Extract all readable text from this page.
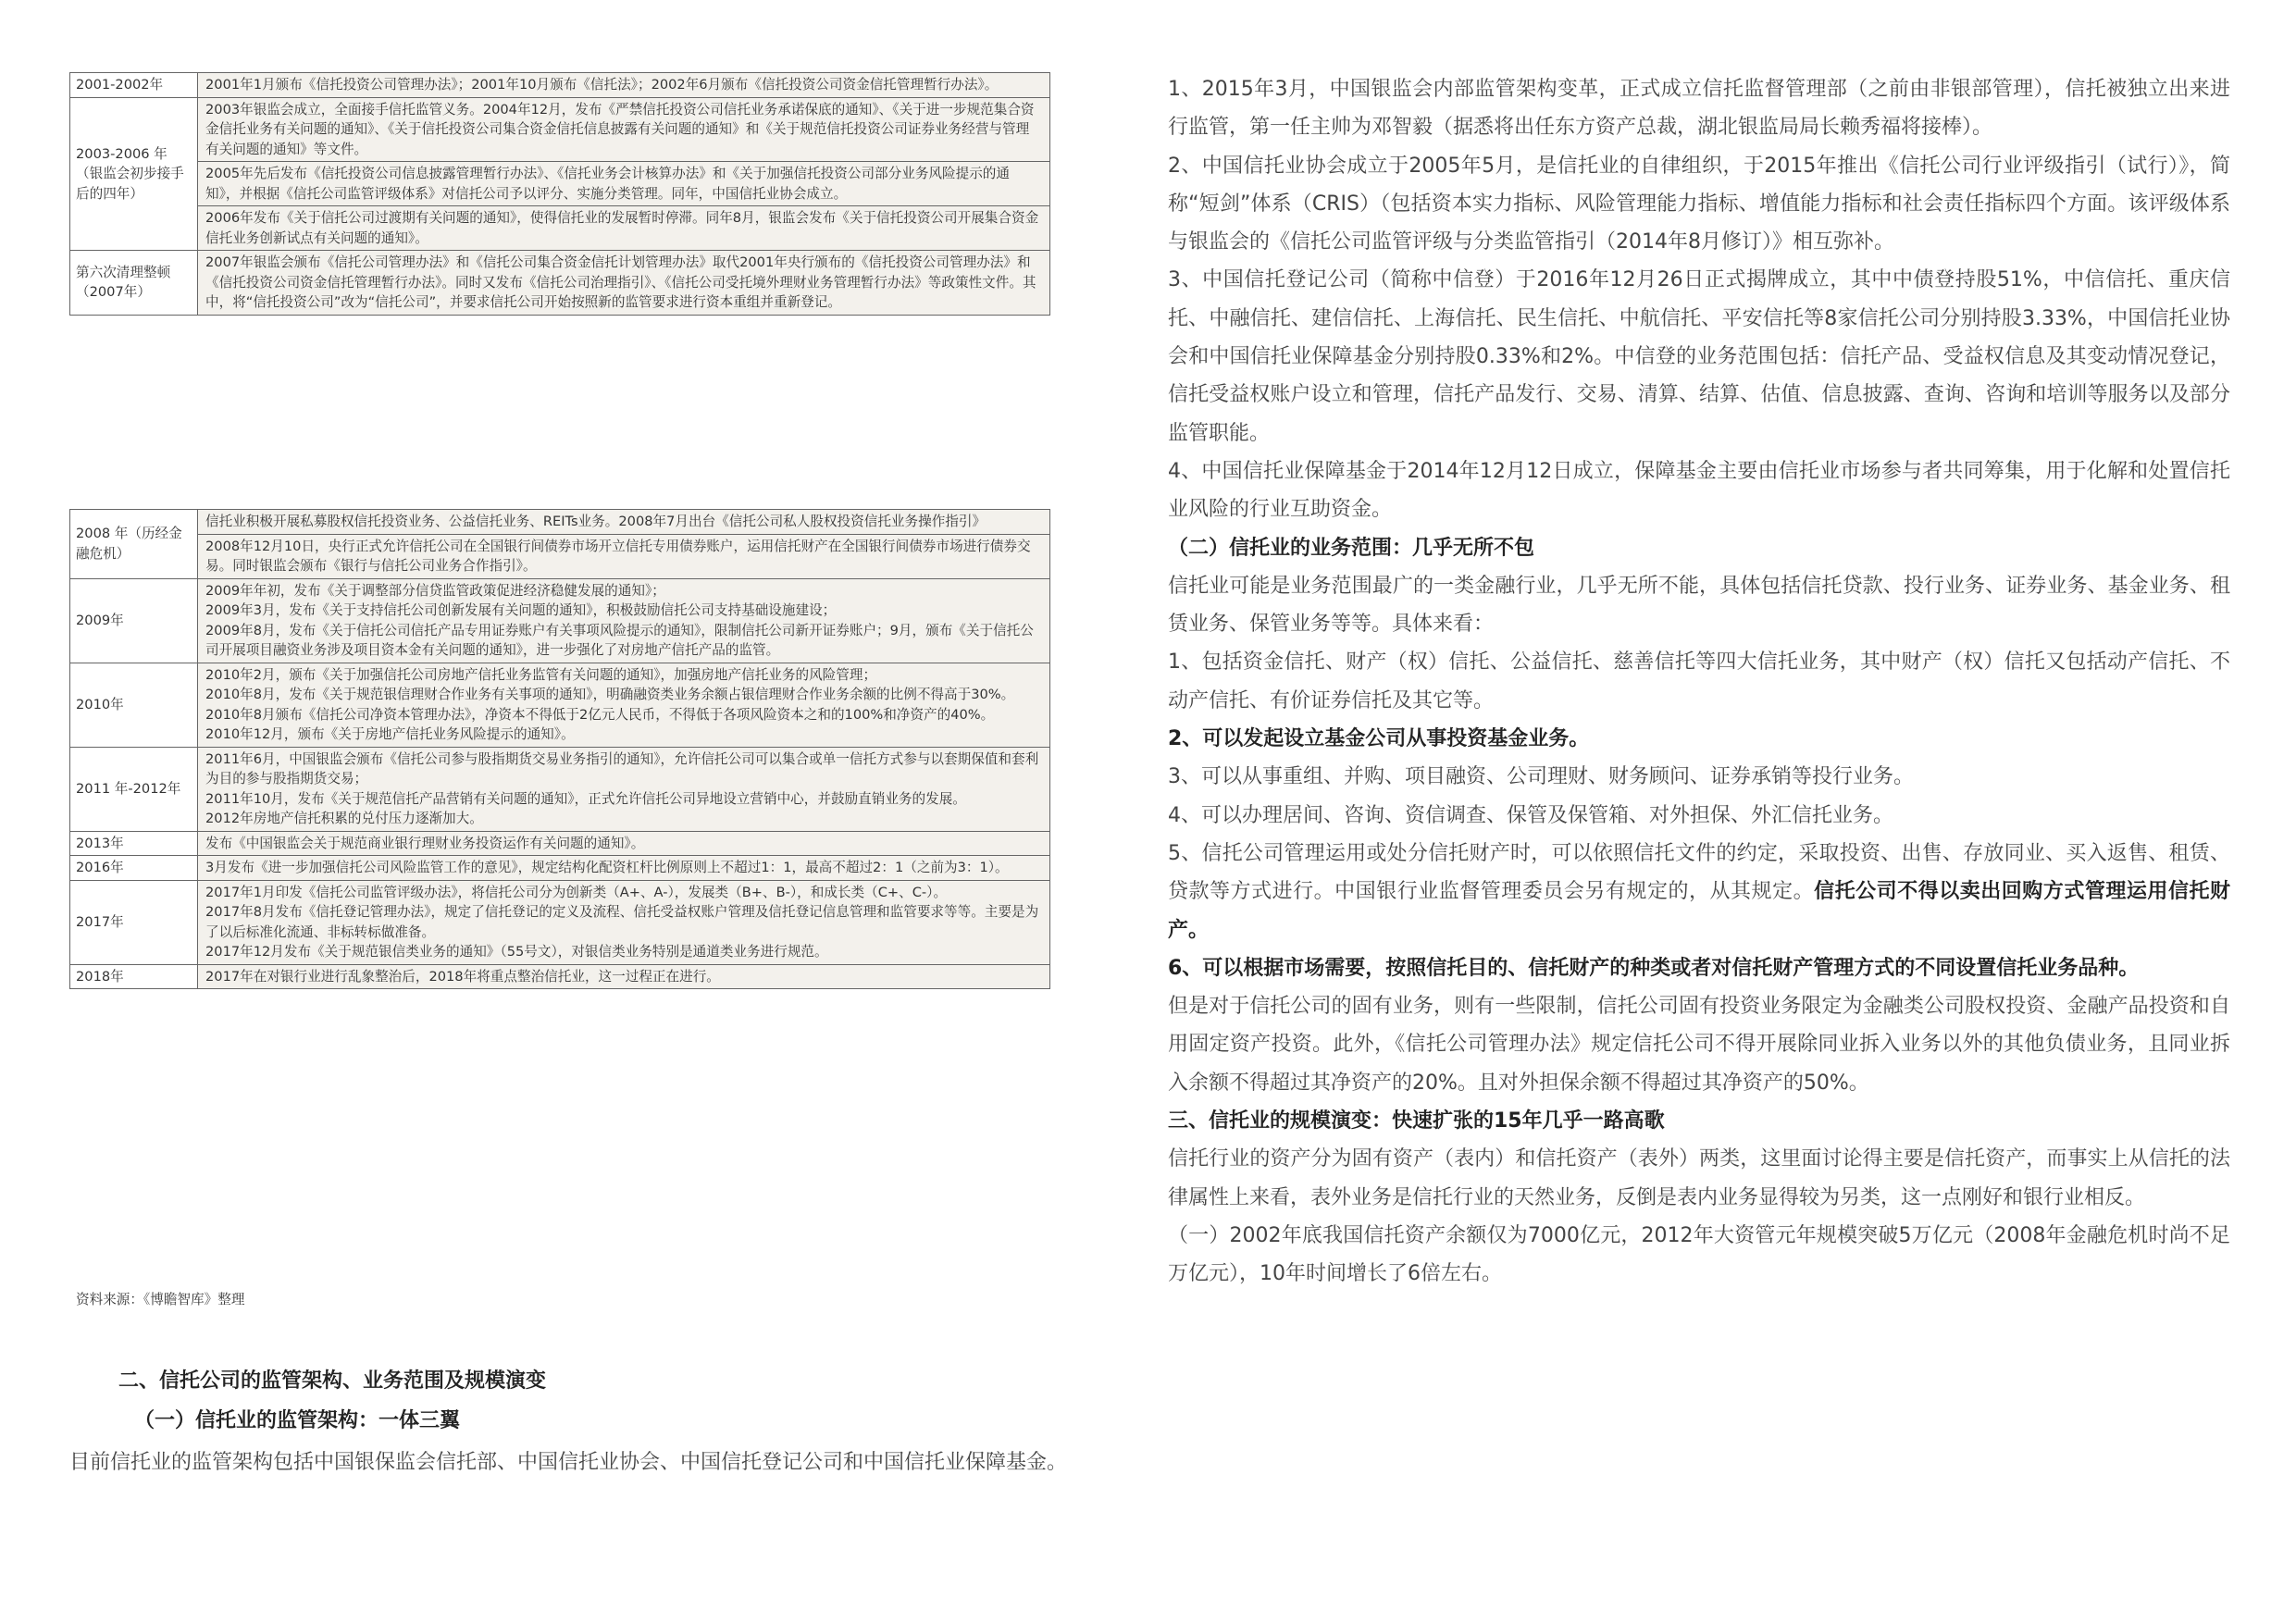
2001-2002年	2001年1月颁布《信托投资公司管理办法》；2001年10月颁布《信托法》；2002年6月颁布《信托投资公司资金信托管理暂行办法》。
2003-2006 年（银监会初步接手后的四年）	2003年银监会成立，全面接手信托监管义务。2004年12月，发布《严禁信托投资公司信托业务承诺保底的通知》、《关于进一步规范集合资金信托业务有关问题的通知》、《关于信托投资公司集合资金信托信息披露有关问题的通知》和《关于规范信托投资公司证券业务经营与管理有关问题的通知》等文件。
	2005年先后发布《信托投资公司信息披露管理暂行办法》、《信托业务会计核算办法》和《关于加强信托投资公司部分业务风险提示的通知》，并根据《信托公司监管评级体系》对信托公司予以评分、实施分类管理。同年，中国信托业协会成立。
	2006年发布《关于信托公司过渡期有关问题的通知》，使得信托业的发展暂时停滞。同年8月，银监会发布《关于信托投资公司开展集合资金信托业务创新试点有关问题的通知》。
第六次清理整顿（2007年）	2007年银监会颁布《信托公司管理办法》和《信托公司集合资金信托计划管理办法》取代2001年央行颁布的《信托投资公司管理办法》和《信托投资公司资金信托管理暂行办法》。同时又发布《信托公司治理指引》、《信托公司受托境外理财业务管理暂行办法》等政策性文件。其中，将“信托投资公司”改为“信托公司”，并要求信托公司开始按照新的监管要求进行资本重组并重新登记。
2008 年（历经金融危机）	信托业积极开展私募股权信托投资业务、公益信托业务、REITs业务。2008年7月出台《信托公司私人股权投资信托业务操作指引》
	2008年12月10日，央行正式允许信托公司在全国银行间债券市场开立信托专用债券账户，运用信托财产在全国银行间债券市场进行债券交易。同时银监会颁布《银行与信托公司业务合作指引》。
2009年	2009年年初，发布《关于调整部分信贷监管政策促进经济稳健发展的通知》；
2009年3月，发布《关于支持信托公司创新发展有关问题的通知》，积极鼓励信托公司支持基础设施建设；
2009年8月，发布《关于信托公司信托产品专用证券账户有关事项风险提示的通知》，限制信托公司新开证券账户；9月，颁布《关于信托公司开展项目融资业务涉及项目资本金有关问题的通知》，进一步强化了对房地产信托产品的监管。
2010年	2010年2月，颁布《关于加强信托公司房地产信托业务监管有关问题的通知》，加强房地产信托业务的风险管理；
2010年8月，发布《关于规范银信理财合作业务有关事项的通知》，明确融资类业务余额占银信理财合作业务余额的比例不得高于30%。
2010年8月颁布《信托公司净资本管理办法》，净资本不得低于2亿元人民币，不得低于各项风险资本之和的100%和净资产的40%。
2010年12月，颁布《关于房地产信托业务风险提示的通知》。
2011 年-2012年	2011年6月，中国银监会颁布《信托公司参与股指期货交易业务指引的通知》，允许信托公司可以集合或单一信托方式参与以套期保值和套利为目的参与股指期货交易；
2011年10月，发布《关于规范信托产品营销有关问题的通知》，正式允许信托公司异地设立营销中心，并鼓励直销业务的发展。
2012年房地产信托积累的兑付压力逐渐加大。
2013年	发布《中国银监会关于规范商业银行理财业务投资运作有关问题的通知》。
2016年	3月发布《进一步加强信托公司风险监管工作的意见》，规定结构化配资杠杆比例原则上不超过1：1，最高不超过2：1（之前为3：1）。
2017年	2017年1月印发《信托公司监管评级办法》，将信托公司分为创新类（A+、A-），发展类（B+、B-），和成长类（C+、C-）。
2017年8月发布《信托登记管理办法》，规定了信托登记的定义及流程、信托受益权账户管理及信托登记信息管理和监管要求等等。主要是为了以后标准化流通、非标转标做准备。
2017年12月发布《关于规范银信类业务的通知》（55号文），对银信类业务特别是通道类业务进行规范。
2018年	2017年在对银行业进行乱象整治后，2018年将重点整治信托业，这一过程正在进行。
资料来源：《博瞻智库》整理
二、信托公司的监管架构、业务范围及规模演变
（一）信托业的监管架构：一体三翼
目前信托业的监管架构包括中国银保监会信托部、中国信托业协会、中国信托登记公司和中国信托业保障基金。

1、2015年3月，中国银监会内部监管架构变革，正式成立信托监督管理部（之前由非银部管理），信托被独立出来进行监管，第一任主帅为邓智毅（据悉将出任东方资产总裁，湖北银监局局长赖秀福将接棒）。

2、中国信托业协会成立于2005年5月，是信托业的自律组织，于2015年推出《信托公司行业评级指引（试行）》，简称“短剑”体系（CRIS）（包括资本实力指标、风险管理能力指标、增值能力指标和社会责任指标四个方面。该评级体系与银监会的《信托公司监管评级与分类监管指引（2014年8月修订）》相互弥补。

3、中国信托登记公司（简称中信登）于2016年12月26日正式揭牌成立，其中中债登持股51%，中信信托、重庆信托、中融信托、建信信托、上海信托、民生信托、中航信托、平安信托等8家信托公司分别持股3.33%，中国信托业协会和中国信托业保障基金分别持股0.33%和2%。中信登的业务范围包括：信托产品、受益权信息及其变动情况登记，信托受益权账户设立和管理，信托产品发行、交易、清算、结算、估值、信息披露、查询、咨询和培训等服务以及部分监管职能。

4、中国信托业保障基金于2014年12月12日成立，保障基金主要由信托业市场参与者共同筹集，用于化解和处置信托业风险的行业互助资金。

（二）信托业的业务范围：几乎无所不包

信托业可能是业务范围最广的一类金融行业，几乎无所不能，具体包括信托贷款、投行业务、证券业务、基金业务、租赁业务、保管业务等等。具体来看：

1、包括资金信托、财产（权）信托、公益信托、慈善信托等四大信托业务，其中财产（权）信托又包括动产信托、不动产信托、有价证券信托及其它等。

2、可以发起设立基金公司从事投资基金业务。

3、可以从事重组、并购、项目融资、公司理财、财务顾问、证券承销等投行业务。

4、可以办理居间、咨询、资信调查、保管及保管箱、对外担保、外汇信托业务。

5、信托公司管理运用或处分信托财产时，可以依照信托文件的约定，采取投资、出售、存放同业、买入返售、租赁、贷款等方式进行。中国银行业监督管理委员会另有规定的，从其规定。信托公司不得以卖出回购方式管理运用信托财产。

6、可以根据市场需要，按照信托目的、信托财产的种类或者对信托财产管理方式的不同设置信托业务品种。

但是对于信托公司的固有业务，则有一些限制，信托公司固有投资业务限定为金融类公司股权投资、金融产品投资和自用固定资产投资。此外，《信托公司管理办法》规定信托公司不得开展除同业拆入业务以外的其他负债业务，且同业拆入余额不得超过其净资产的20%。且对外担保余额不得超过其净资产的50%。

三、信托业的规模演变：快速扩张的15年几乎一路高歌

信托行业的资产分为固有资产（表内）和信托资产（表外）两类，这里面讨论得主要是信托资产，而事实上从信托的法律属性上来看，表外业务是信托行业的天然业务，反倒是表内业务显得较为另类，这一点刚好和银行业相反。

（一）2002年底我国信托资产余额仅为7000亿元，2012年大资管元年规模突破5万亿元（2008年金融危机时尚不足万亿元），10年时间增长了6倍左右。
